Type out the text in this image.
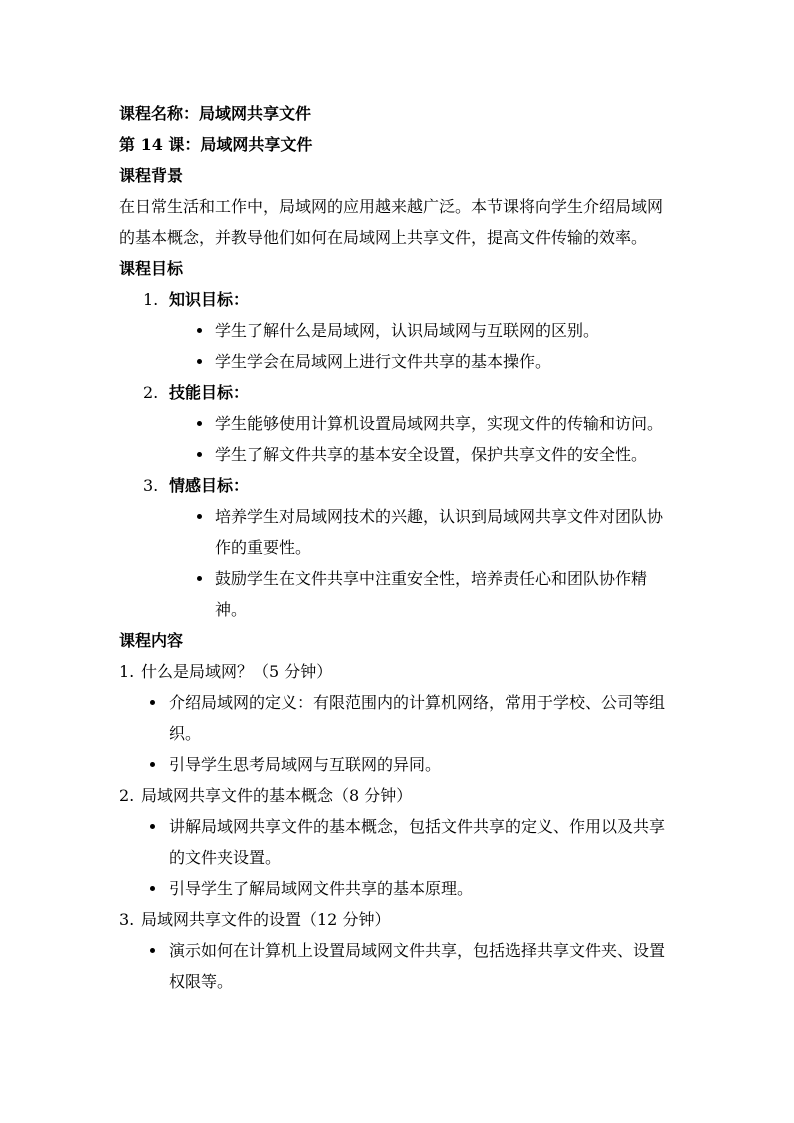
课程名称：局域网共享文件
第 14 课：局域网共享文件
课程背景
在日常生活和工作中，局域网的应用越来越广泛。本节课将向学生介绍局域网的基本概念，并教导他们如何在局域网上共享文件，提高文件传输的效率。
课程目标
1. 知识目标：
学生了解什么是局域网，认识局域网与互联网的区别。
学生学会在局域网上进行文件共享的基本操作。
2. 技能目标：
学生能够使用计算机设置局域网共享，实现文件的传输和访问。
学生了解文件共享的基本安全设置，保护共享文件的安全性。
3. 情感目标：
培养学生对局域网技术的兴趣，认识到局域网共享文件对团队协作的重要性。
鼓励学生在文件共享中注重安全性，培养责任心和团队协作精神。
课程内容
1. 什么是局域网？（5 分钟）
介绍局域网的定义：有限范围内的计算机网络，常用于学校、公司等组织。
引导学生思考局域网与互联网的异同。
2. 局域网共享文件的基本概念（8 分钟）
讲解局域网共享文件的基本概念，包括文件共享的定义、作用以及共享的文件夹设置。
引导学生了解局域网文件共享的基本原理。
3. 局域网共享文件的设置（12 分钟）
演示如何在计算机上设置局域网文件共享，包括选择共享文件夹、设置权限等。
